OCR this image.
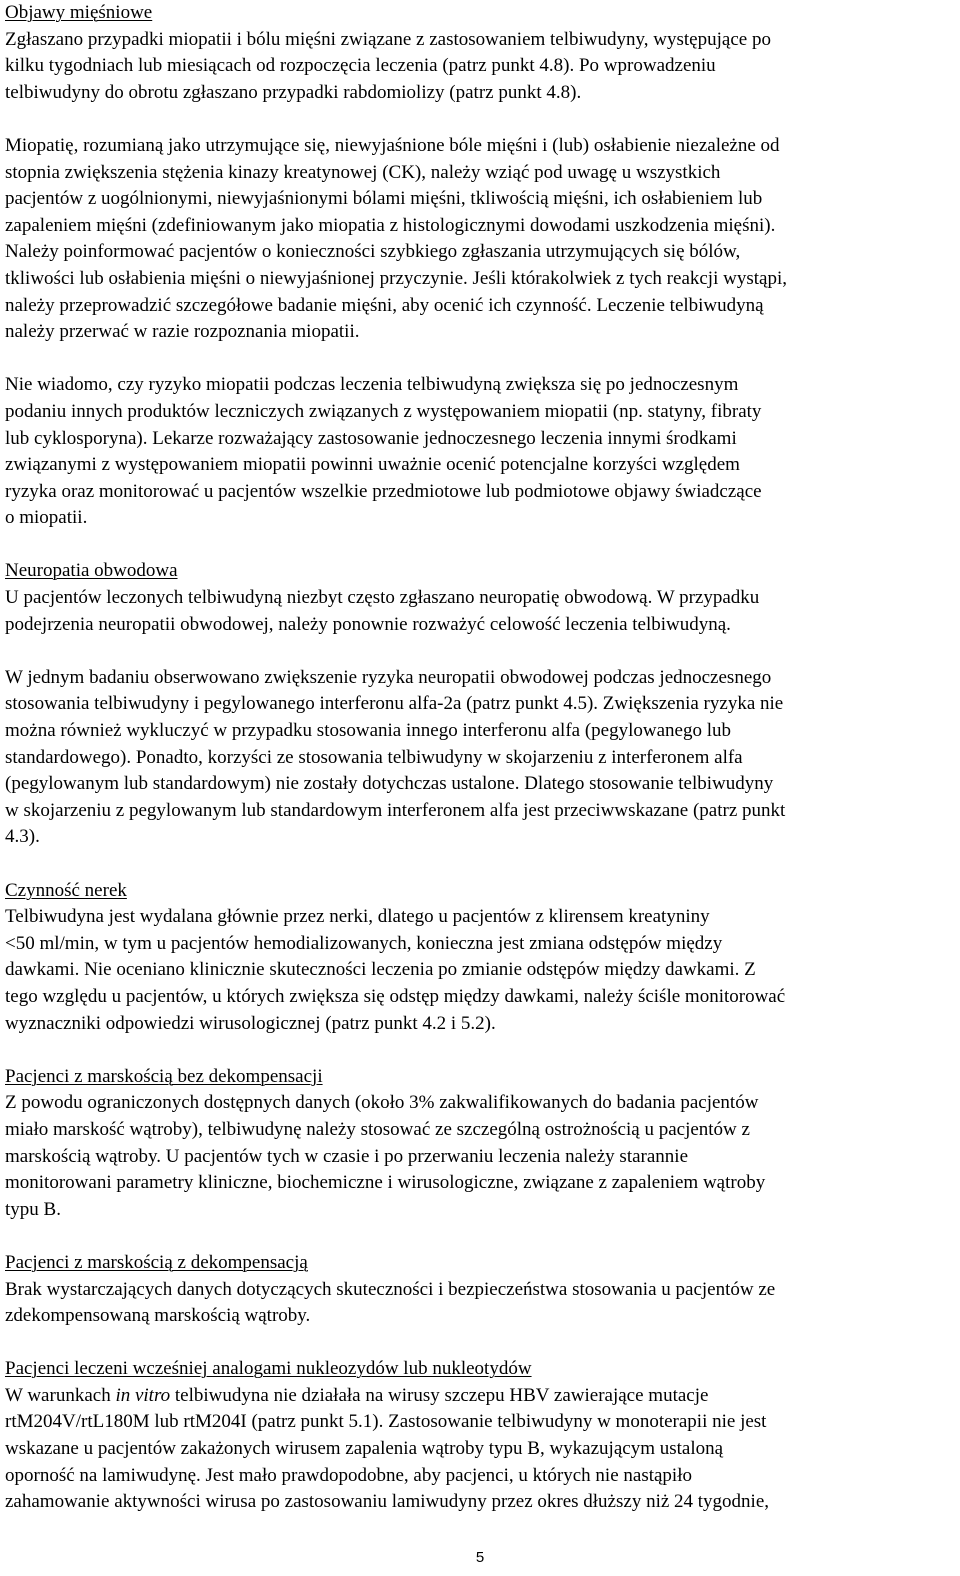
Objawy mięśniowe
Zgłaszano przypadki miopatii i bólu mięśni związane z zastosowaniem telbiwudyny, występujące po
kilku tygodniach lub miesiącach od rozpoczęcia leczenia (patrz punkt 4.8). Po wprowadzeniu
telbiwudyny do obrotu zgłaszano przypadki rabdomiolizy (patrz punkt 4.8).
Miopatię, rozumianą jako utrzymujące się, niewyjaśnione bóle mięśni i (lub) osłabienie niezależne od
stopnia zwiększenia stężenia kinazy kreatynowej (CK), należy wziąć pod uwagę u wszystkich
pacjentów z uogólnionymi, niewyjaśnionymi bólami mięśni, tkliwością mięśni, ich osłabieniem lub
zapaleniem mięśni (zdefiniowanym jako miopatia z histologicznymi dowodami uszkodzenia mięśni).
Należy poinformować pacjentów o konieczności szybkiego zgłaszania utrzymujących się bólów,
tkliwości lub osłabienia mięśni o niewyjaśnionej przyczynie. Jeśli którakolwiek z tych reakcji wystąpi,
należy przeprowadzić szczegółowe badanie mięśni, aby ocenić ich czynność. Leczenie telbiwudyną
należy przerwać w razie rozpoznania miopatii.
Nie wiadomo, czy ryzyko miopatii podczas leczenia telbiwudyną zwiększa się po jednoczesnym
podaniu innych produktów leczniczych związanych z występowaniem miopatii (np. statyny, fibraty
lub cyklosporyna). Lekarze rozważający zastosowanie jednoczesnego leczenia innymi środkami
związanymi z występowaniem miopatii powinni uważnie ocenić potencjalne korzyści względem
ryzyka oraz monitorować u pacjentów wszelkie przedmiotowe lub podmiotowe objawy świadczące
o miopatii.
Neuropatia obwodowa
U pacjentów leczonych telbiwudyną niezbyt często zgłaszano neuropatię obwodową. W przypadku
podejrzenia neuropatii obwodowej, należy ponownie rozważyć celowość leczenia telbiwudyną.
W jednym badaniu obserwowano zwiększenie ryzyka neuropatii obwodowej podczas jednoczesnego
stosowania telbiwudyny i pegylowanego interferonu alfa-2a (patrz punkt 4.5). Zwiększenia ryzyka nie
można również wykluczyć w przypadku stosowania innego interferonu alfa (pegylowanego lub
standardowego). Ponadto, korzyści ze stosowania telbiwudyny w skojarzeniu z interferonem alfa
(pegylowanym lub standardowym) nie zostały dotychczas ustalone. Dlatego stosowanie telbiwudyny
w skojarzeniu z pegylowanym lub standardowym interferonem alfa jest przeciwwskazane (patrz punkt
4.3).
Czynność nerek
Telbiwudyna jest wydalana głównie przez nerki, dlatego u pacjentów z klirensem kreatyniny
<50 ml/min, w tym u pacjentów hemodializowanych, konieczna jest zmiana odstępów między
dawkami. Nie oceniano klinicznie skuteczności leczenia po zmianie odstępów między dawkami. Z
tego względu u pacjentów, u których zwiększa się odstęp między dawkami, należy ściśle monitorować
wyznaczniki odpowiedzi wirusologicznej (patrz punkt 4.2 i 5.2).
Pacjenci z marskością bez dekompensacji
Z powodu ograniczonych dostępnych danych (około 3% zakwalifikowanych do badania pacjentów
miało marskość wątroby), telbiwudynę należy stosować ze szczególną ostrożnością u pacjentów z
marskością wątroby. U pacjentów tych w czasie i po przerwaniu leczenia należy starannie
monitorowani parametry kliniczne, biochemiczne i wirusologiczne, związane z zapaleniem wątroby
typu B.
Pacjenci z marskością z dekompensacją
Brak wystarczających danych dotyczących skuteczności i bezpieczeństwa stosowania u pacjentów ze
zdekompensowaną marskością wątroby.
Pacjenci leczeni wcześniej analogami nukleozydów lub nukleotydów
W warunkach in vitro telbiwudyna nie działała na wirusy szczepu HBV zawierające mutacje
rtM204V/rtL180M lub rtM204I (patrz punkt 5.1). Zastosowanie telbiwudyny w monoterapii nie jest
wskazane u pacjentów zakażonych wirusem zapalenia wątroby typu B, wykazującym ustaloną
oporność na lamiwudynę. Jest mało prawdopodobne, aby pacjenci, u których nie nastąpiło
zahamowanie aktywności wirusa po zastosowaniu lamiwudyny przez okres dłuższy niż 24 tygodnie,
5
